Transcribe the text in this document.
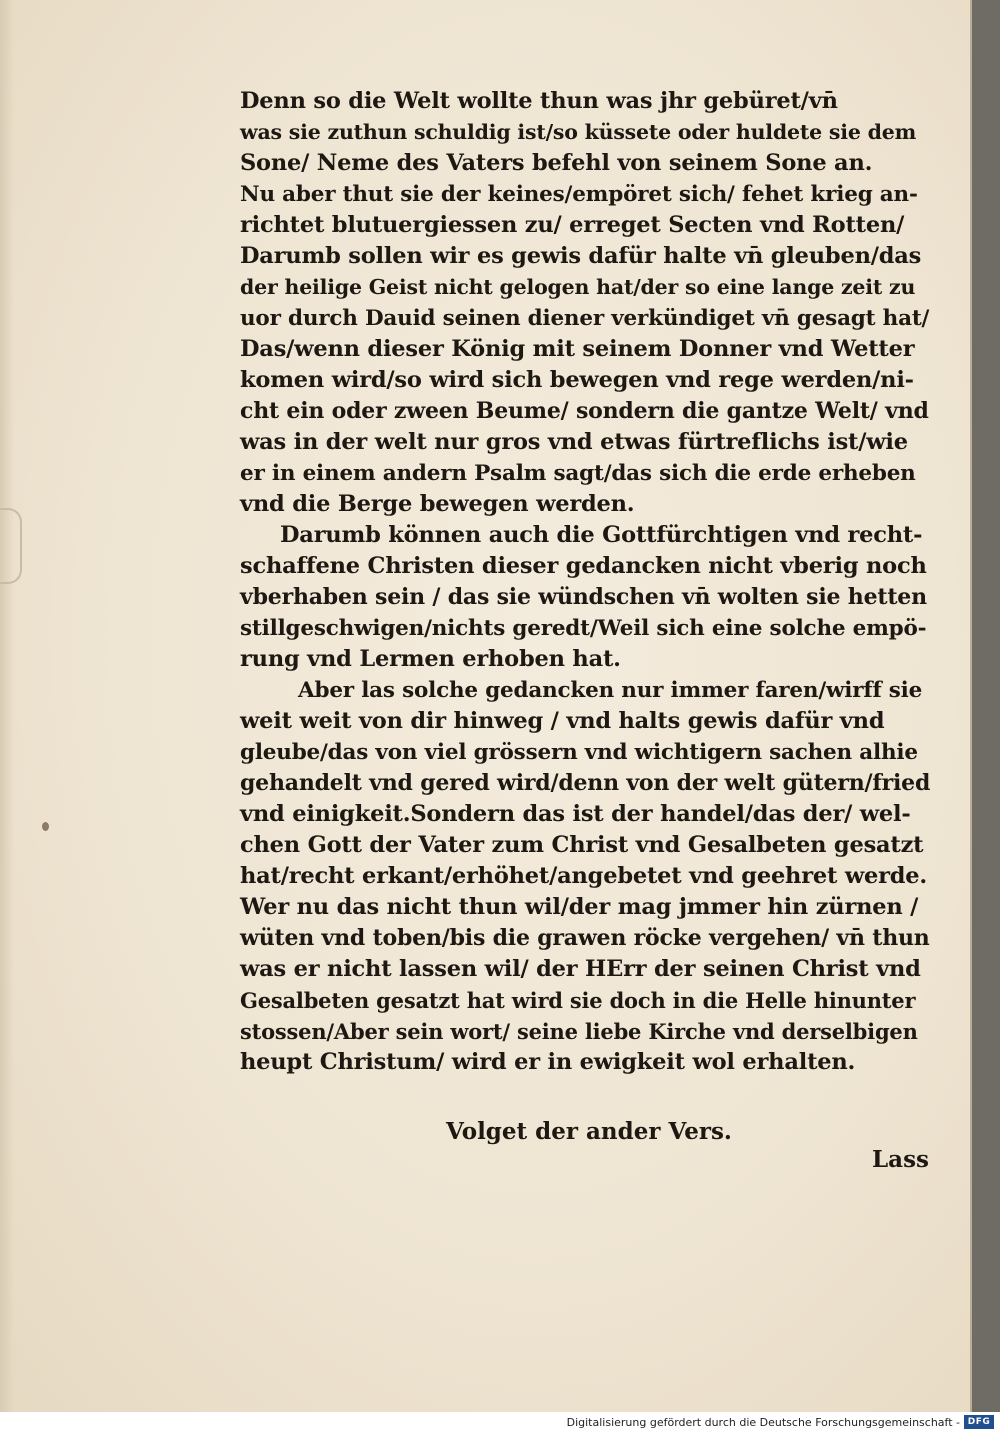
Denn so die Welt wollte thun was jhr gebüret/vn̄
was sie zuthun schuldig ist/so küssete oder huldete sie dem
Sone/ Neme des Vaters befehl von seinem Sone an.
Nu aber thut sie der keines/empöret sich/ fehet krieg an-
richtet blutuergiessen zu/ erreget Secten vnd Rotten/
Darumb sollen wir es gewis dafür halte vn̄ gleuben/das
der heilige Geist nicht gelogen hat/der so eine lange zeit zu
uor durch Dauid seinen diener verkündiget vn̄ gesagt hat/
Das/wenn dieser König mit seinem Donner vnd Wetter
komen wird/so wird sich bewegen vnd rege werden/ni-
cht ein oder zween Beume/ sondern die gantze Welt/ vnd
was in der welt nur gros vnd etwas fürtreflichs ist/wie
er in einem andern Psalm sagt/das sich die erde erheben
vnd die Berge bewegen werden.
Darumb können auch die Gottfürchtigen vnd recht-
schaffene Christen dieser gedancken nicht vberig noch
vberhaben sein / das sie wündschen vn̄ wolten sie hetten
stillgeschwigen/nichts geredt/Weil sich eine solche empö-
rung vnd Lermen erhoben hat.
Aber las solche gedancken nur immer faren/wirff sie
weit weit von dir hinweg / vnd halts gewis dafür vnd
gleube/das von viel grössern vnd wichtigern sachen alhie
gehandelt vnd gered wird/denn von der welt gütern/fried
vnd einigkeit.Sondern das ist der handel/das der/ wel-
chen Gott der Vater zum Christ vnd Gesalbeten gesatzt
hat/recht erkant/erhöhet/angebetet vnd geehret werde.
Wer nu das nicht thun wil/der mag jmmer hin zürnen /
wüten vnd toben/bis die grawen röcke vergehen/ vn̄ thun
was er nicht lassen wil/ der HErr der seinen Christ vnd
Gesalbeten gesatzt hat wird sie doch in die Helle hinunter
stossen/Aber sein wort/ seine liebe Kirche vnd derselbigen
heupt Christum/ wird er in ewigkeit wol erhalten.
Volget der ander Vers.
Lass
Digitalisierung gefördert durch die Deutsche Forschungsgemeinschaft - DFG
